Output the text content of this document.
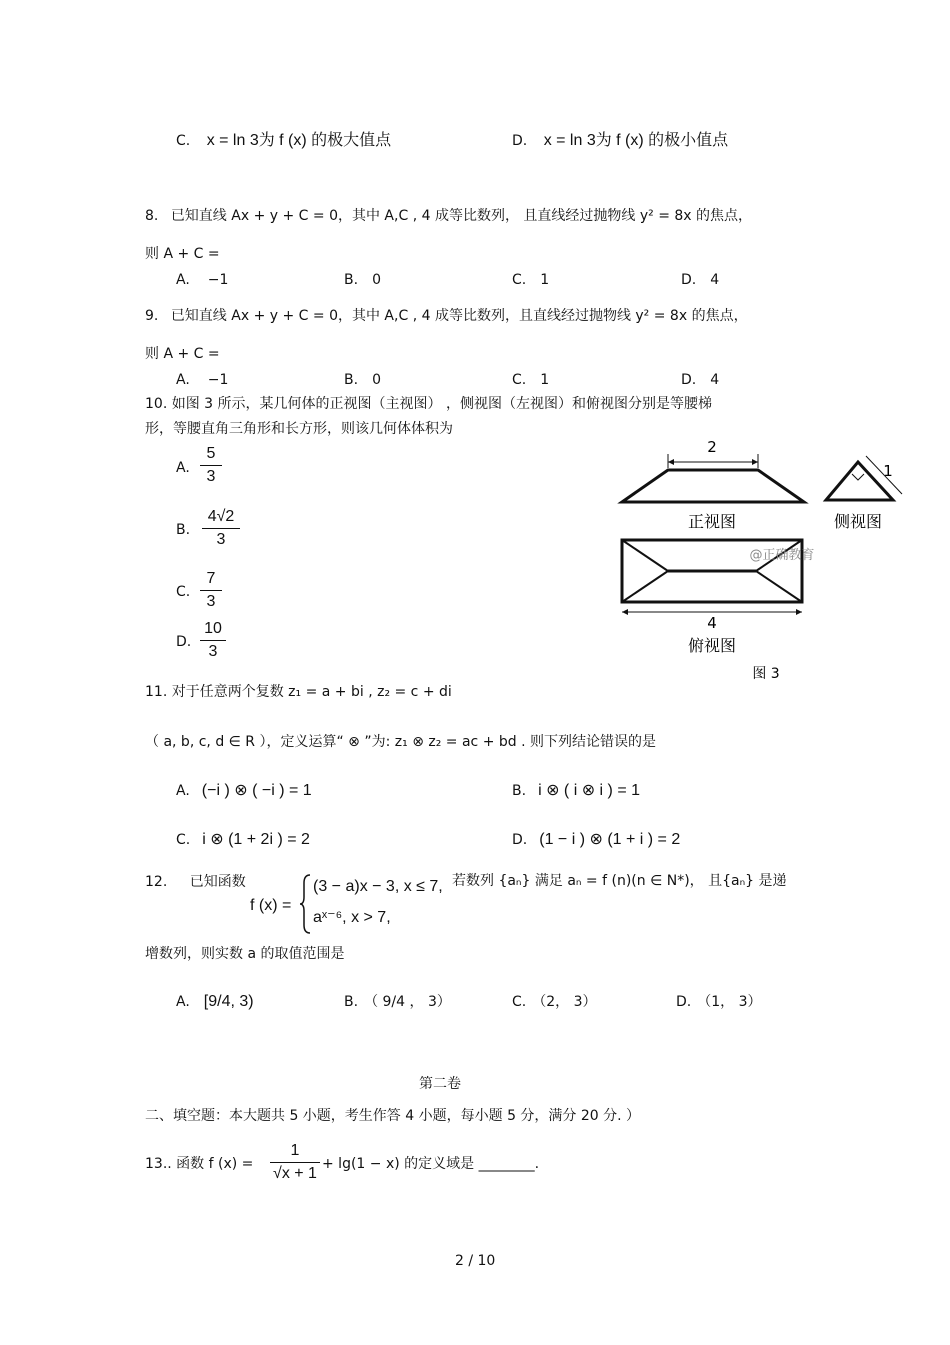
C. x = ln 3为 f (x) 的极大值点	D. x = ln 3为 f (x) 的极小值点
8. 已知直线 Ax + y + C = 0，其中 A,C , 4 成等比数列， 且直线经过抛物线 y² = 8x 的焦点，
则 A + C =
A. −1	B. 0	C. 1	D. 4
9. 已知直线 Ax + y + C = 0，其中 A,C , 4 成等比数列，且直线经过抛物线 y² = 8x 的焦点，
则 A + C =
A. −1	B. 0	C. 1	D. 4
10. 如图 3 所示，某几何体的正视图（主视图） ，侧视图（左视图）和俯视图分别是等腰梯
形，等腰直角三角形和长方形，则该几何体体积为
A.
5
3
B.
4√2
3
C.
7
3
D.
10
3
2
正视图
1
侧视图
@正确教育
4
俯视图
图 3
11. 对于任意两个复数 z₁ = a + bi , z₂ = c + di
（ a, b, c, d ∈ R ），定义运算“ ⊗ ”为: z₁ ⊗ z₂ = ac + bd . 则下列结论错误的是
A. (−i ) ⊗ ( −i ) = 1	B. i ⊗ ( i ⊗ i ) = 1
C. i ⊗ (1 + 2i ) = 2	D. (1 − i ) ⊗ (1 + i ) = 2
12. 已知函数
f (x) =
(3 − a)x − 3, x ≤ 7,
aˣ⁻⁶, x > 7,
若数列 {aₙ} 满足 aₙ = f (n)(n ∈ N*)， 且{aₙ} 是递
增数列，则实数 a 的取值范围是
A. [9/4, 3)	B. （ 9/4 ， 3）	C. （2， 3）	D. （1， 3）
第二卷
二、填空题：本大题共 5 小题，考生作答 4 小题，每小题 5 分，满分 20 分. ）
13.. 函数 f (x) =
1
√x + 1
+ lg(1 − x) 的定义域是 ________.
2 / 10
